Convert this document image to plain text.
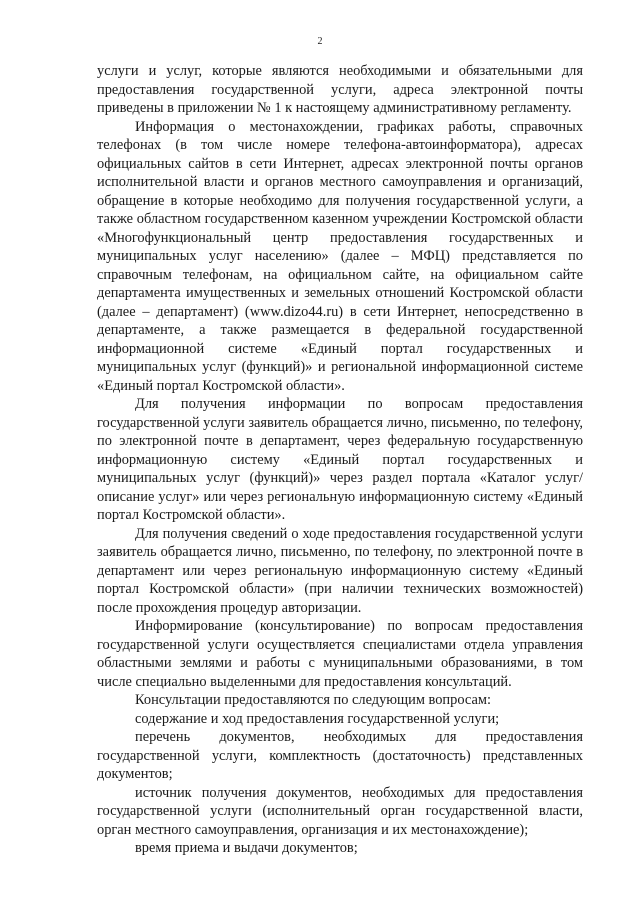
2

услуги и услуг, которые являются необходимыми и обязательными для предоставления государственной услуги, адреса электронной почты приведены в приложении № 1 к настоящему административному регламенту.

Информация о местонахождении, графиках работы, справочных телефонах (в том числе номере телефона-автоинформатора), адресах официальных сайтов в сети Интернет, адресах электронной почты органов исполнительной власти и органов местного самоуправления и организаций, обращение в которые необходимо для получения государственной услуги, а также областном государственном казенном учреждении Костромской области «Многофункциональный центр предоставления государственных и муниципальных услуг населению» (далее – МФЦ) представляется по справочным телефонам, на официальном сайте, на официальном сайте департамента имущественных и земельных отношений Костромской области (далее – департамент) (www.dizo44.ru) в сети Интернет, непосредственно в департаменте, а также размещается в федеральной государственной информационной системе «Единый портал государственных и муниципальных услуг (функций)» и региональной информационной системе «Единый портал Костромской области».

Для получения информации по вопросам предоставления государственной услуги заявитель обращается лично, письменно, по телефону, по электронной почте в департамент, через федеральную государственную информационную систему «Единый портал государственных и муниципальных услуг (функций)» через раздел портала «Каталог услуг/описание услуг» или через региональную информационную систему «Единый портал Костромской области».

Для получения сведений о ходе предоставления государственной услуги заявитель обращается лично, письменно, по телефону, по электронной почте в департамент или через региональную информационную систему «Единый портал Костромской области» (при наличии технических возможностей) после прохождения процедур авторизации.

Информирование (консультирование) по вопросам предоставления государственной услуги осуществляется специалистами отдела управления областными землями и работы с муниципальными образованиями, в том числе специально выделенными для предоставления консультаций.

Консультации предоставляются по следующим вопросам:

содержание и ход предоставления государственной услуги;

перечень документов, необходимых для предоставления государственной услуги, комплектность (достаточность) представленных документов;

источник получения документов, необходимых для предоставления государственной услуги (исполнительный орган государственной власти, орган местного самоуправления, организация и их местонахождение);

время приема и выдачи документов;
